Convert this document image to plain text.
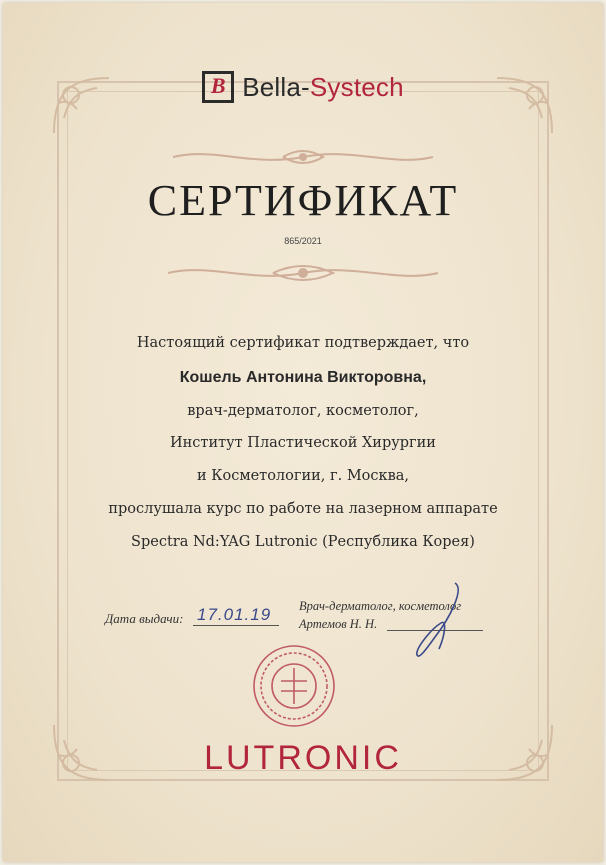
B Bella-Systech
СЕРТИФИКАТ
865/2021
Настоящий сертификат подтверждает, что
Кошель Антонина Викторовна,
врач-дерматолог, косметолог,
Институт Пластической Хирургии
и Косметологии, г. Москва,
прослушала курс по работе на лазерном аппарате
Spectra Nd:YAG Lutronic (Республика Корея)
Дата выдачи: 17.01.19	Врач-дерматолог, косметолог
Артемов Н. Н.
LUTRONIC
